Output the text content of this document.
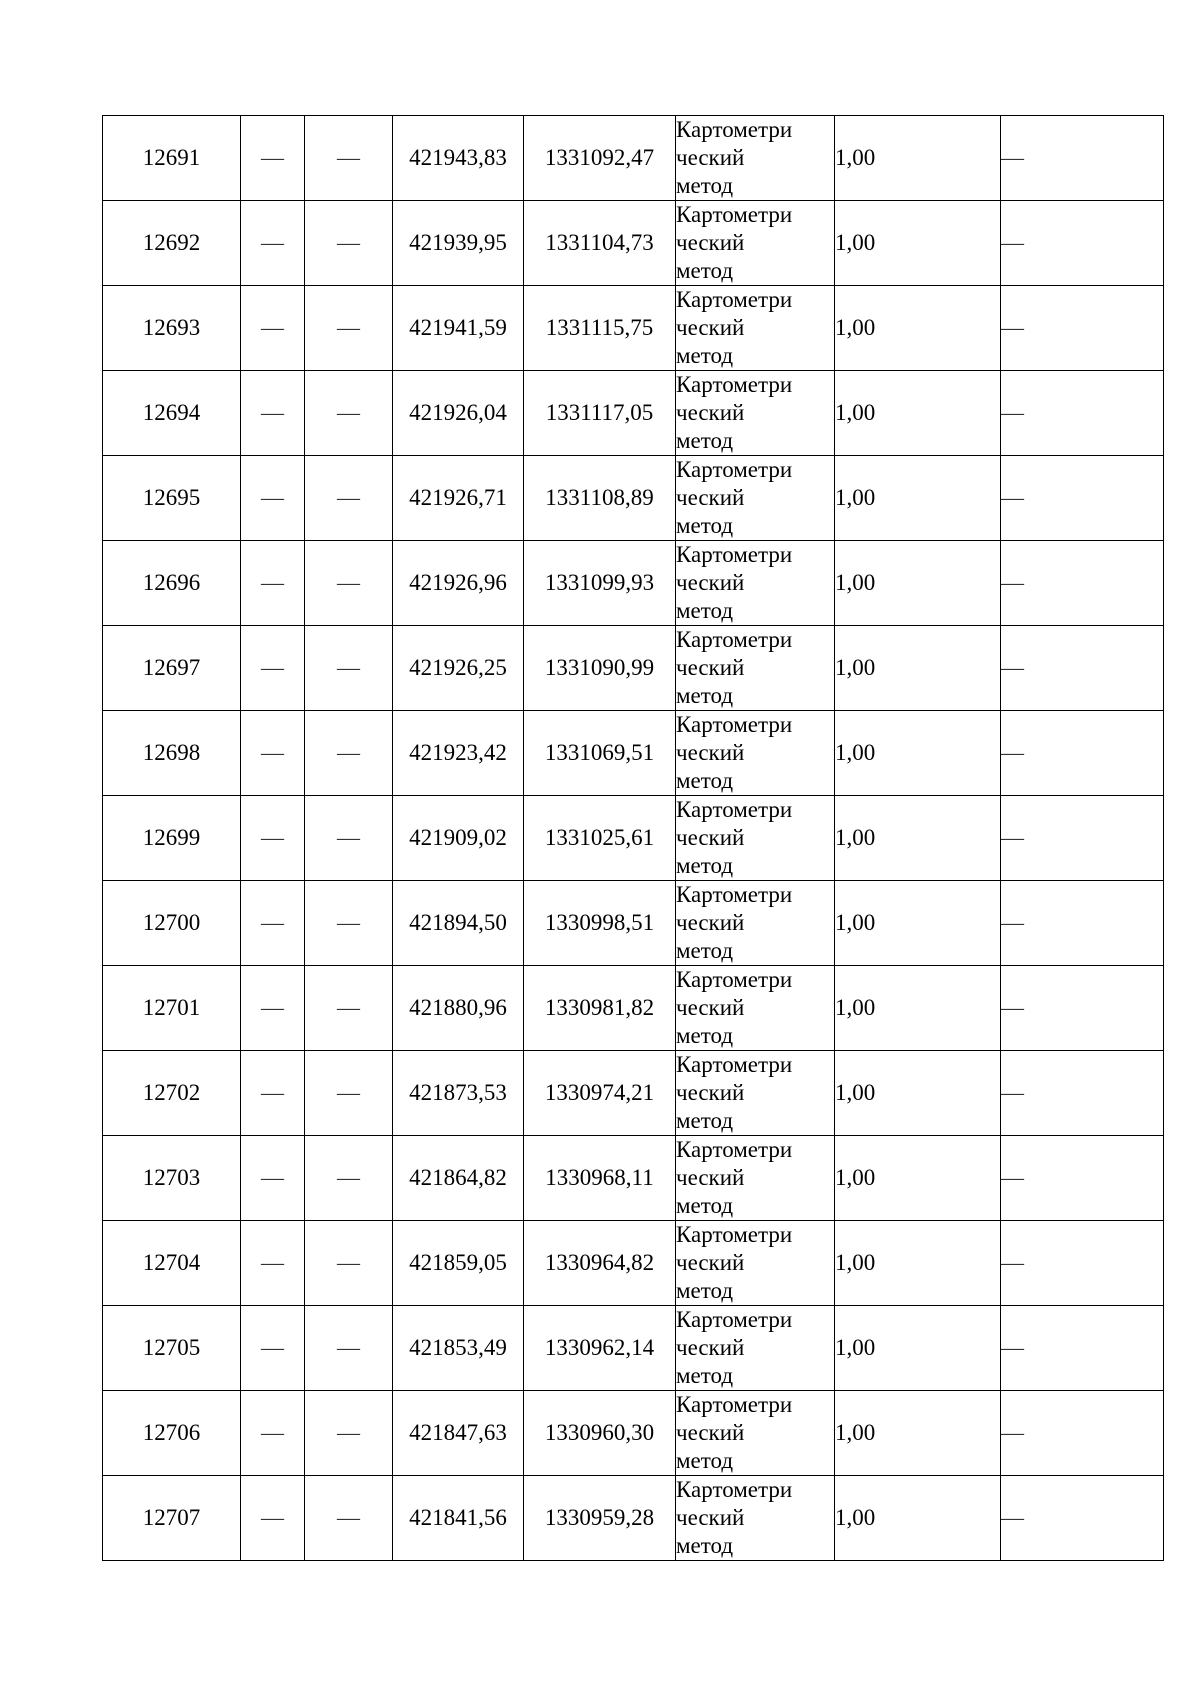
12691	—	—	421943,83	1331092,47	Картометри
ческий
метод	1,00	—
12692	—	—	421939,95	1331104,73	Картометри
ческий
метод	1,00	—
12693	—	—	421941,59	1331115,75	Картометри
ческий
метод	1,00	—
12694	—	—	421926,04	1331117,05	Картометри
ческий
метод	1,00	—
12695	—	—	421926,71	1331108,89	Картометри
ческий
метод	1,00	—
12696	—	—	421926,96	1331099,93	Картометри
ческий
метод	1,00	—
12697	—	—	421926,25	1331090,99	Картометри
ческий
метод	1,00	—
12698	—	—	421923,42	1331069,51	Картометри
ческий
метод	1,00	—
12699	—	—	421909,02	1331025,61	Картометри
ческий
метод	1,00	—
12700	—	—	421894,50	1330998,51	Картометри
ческий
метод	1,00	—
12701	—	—	421880,96	1330981,82	Картометри
ческий
метод	1,00	—
12702	—	—	421873,53	1330974,21	Картометри
ческий
метод	1,00	—
12703	—	—	421864,82	1330968,11	Картометри
ческий
метод	1,00	—
12704	—	—	421859,05	1330964,82	Картометри
ческий
метод	1,00	—
12705	—	—	421853,49	1330962,14	Картометри
ческий
метод	1,00	—
12706	—	—	421847,63	1330960,30	Картометри
ческий
метод	1,00	—
12707	—	—	421841,56	1330959,28	Картометри
ческий
метод	1,00	—
